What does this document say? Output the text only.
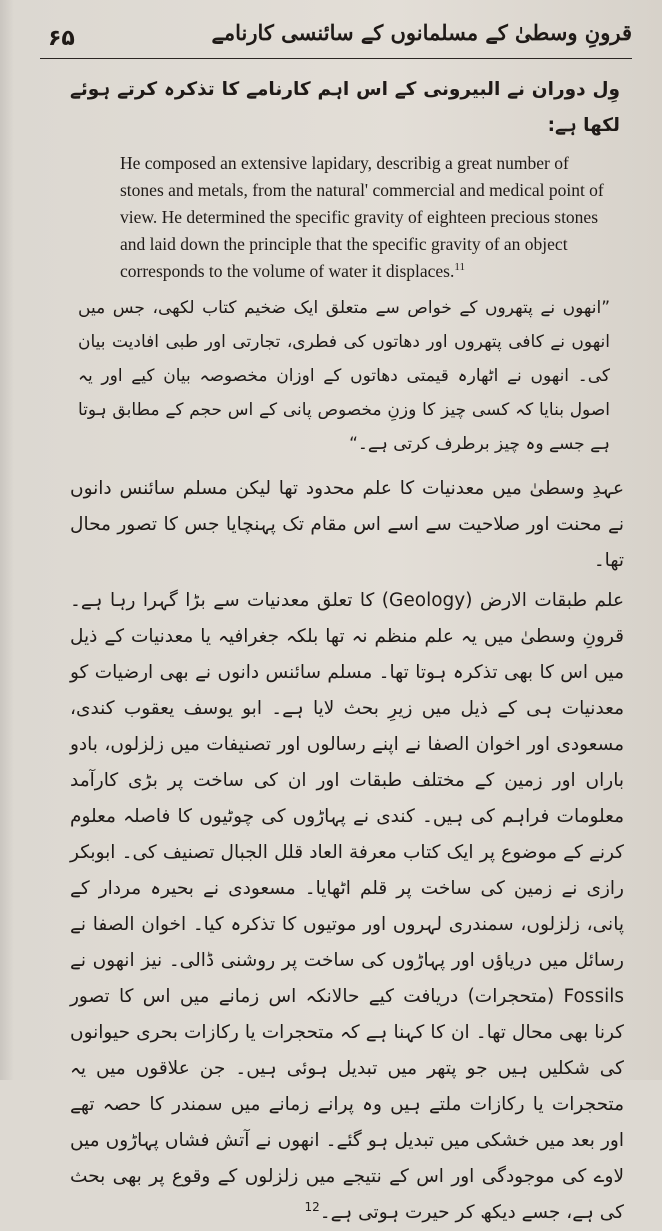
۶۵	قرونِ وسطیٰ کے مسلمانوں کے سائنسی کارنامے

وِل دوران نے البیرونی کے اس اہم کارنامے کا تذکرہ کرتے ہوئے لکھا ہے:

He composed an extensive lapidary, describig a great number of stones and metals, from the natural' commercial and medical point of view. He determined the specific gravity of eighteen precious stones and laid down the principle that the specific gravity of an object corresponds to the volume of water it displaces.$^{11}$

”انھوں نے پتھروں کے خواص سے متعلق ایک ضخیم کتاب لکھی، جس میں انھوں نے کافی پتھروں اور دھاتوں کی فطری، تجارتی اور طبی افادیت بیان کی۔ انھوں نے اٹھارہ قیمتی دھاتوں کے اوزان مخصوصہ بیان کیے اور یہ اصول بنایا کہ کسی چیز کا وزنِ مخصوص پانی کے اس حجم کے مطابق ہوتا ہے جسے وہ چیز برطرف کرتی ہے۔“

عہدِ وسطیٰ میں معدنیات کا علم محدود تھا لیکن مسلم سائنس دانوں نے محنت اور صلاحیت سے اسے اس مقام تک پہنچایا جس کا تصور محال تھا۔

علم طبقات الارض (Geology) کا تعلق معدنیات سے بڑا گہرا رہا ہے۔ قرونِ وسطیٰ میں یہ علم منظم نہ تھا بلکہ جغرافیہ یا معدنیات کے ذیل میں اس کا بھی تذکرہ ہوتا تھا۔ مسلم سائنس دانوں نے بھی ارضیات کو معدنیات ہی کے ذیل میں زیرِ بحث لایا ہے۔ ابو یوسف یعقوب کندی، مسعودی اور اخوان الصفا نے اپنے رسالوں اور تصنیفات میں زلزلوں، بادو باراں اور زمین کے مختلف طبقات اور ان کی ساخت پر بڑی کارآمد معلومات فراہم کی ہیں۔ کندی نے پہاڑوں کی چوٹیوں کا فاصلہ معلوم کرنے کے موضوع پر ایک کتاب معرفة العاد قلل الجبال تصنیف کی۔ ابوبکر رازی نے زمین کی ساخت پر قلم اٹھایا۔ مسعودی نے بحیرہ مردار کے پانی، زلزلوں، سمندری لہروں اور موتیوں کا تذکرہ کیا۔ اخوان الصفا نے رسائل میں دریاؤں اور پہاڑوں کی ساخت پر روشنی ڈالی۔ نیز انھوں نے Fossils (متحجرات) دریافت کیے حالانکہ اس زمانے میں اس کا تصور کرنا بھی محال تھا۔ ان کا کہنا ہے کہ متحجرات یا رکازات بحری حیوانوں کی شکلیں ہیں جو پتھر میں تبدیل ہوئی ہیں۔ جن علاقوں میں یہ متحجرات یا رکازات ملتے ہیں وہ پرانے زمانے میں سمندر کا حصہ تھے اور بعد میں خشکی میں تبدیل ہو گئے۔ انھوں نے آتش فشاں پہاڑوں میں لاوے کی موجودگی اور اس کے نتیجے میں زلزلوں کے وقوع پر بھی بحث کی ہے، جسے دیکھ کر حیرت ہوتی ہے۔$^{12}$
